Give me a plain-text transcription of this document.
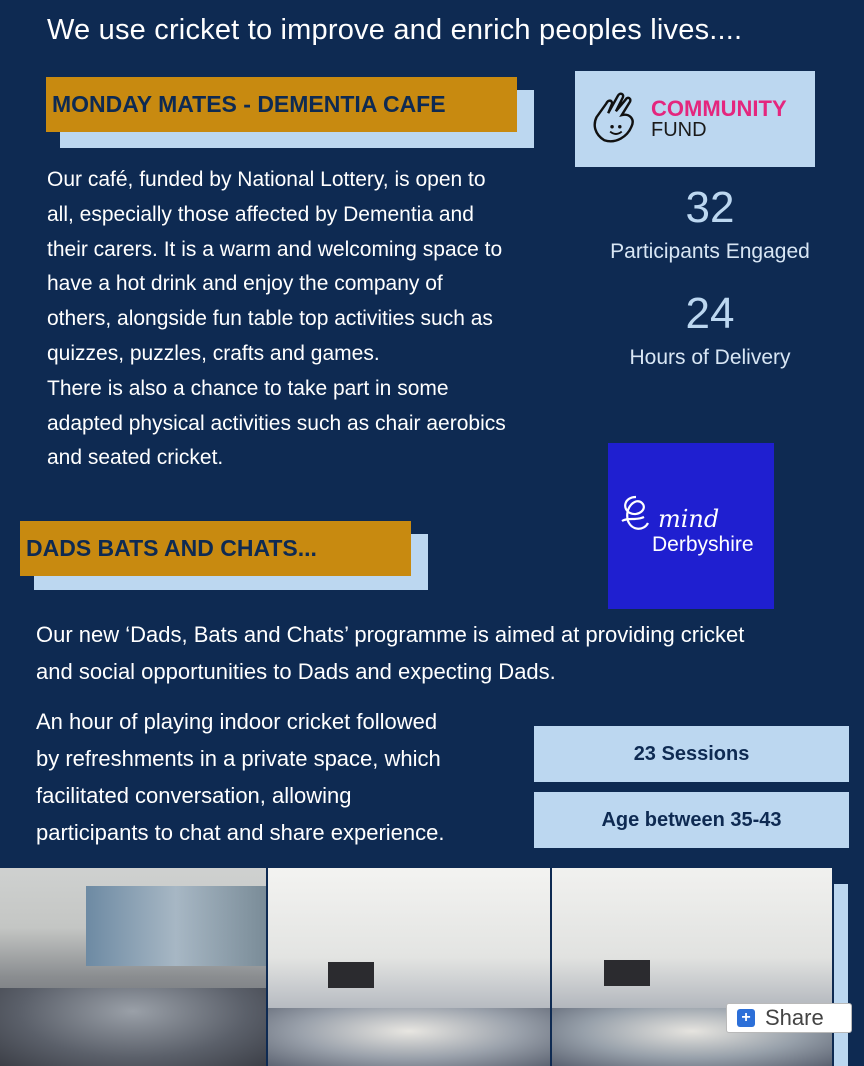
We use cricket to improve and enrich peoples lives....
MONDAY MATES - DEMENTIA CAFE
Our café, funded by National Lottery, is open to
all, especially those affected by Dementia and
their carers. It is a warm and welcoming space to
have a hot drink and enjoy the company of
others, alongside fun table top activities such as
quizzes, puzzles, crafts and games.
There is also a chance to take part in some
adapted physical activities such as chair aerobics
and seated cricket.
COMMUNITY
FUND
32
Participants Engaged
24
Hours of Delivery
mind
Derbyshire
DADS BATS AND CHATS...
Our new ‘Dads, Bats and Chats’ programme is aimed at providing cricket
and social opportunities to Dads and expecting Dads.
An hour of playing indoor cricket followed
by refreshments in a private space, which
facilitated conversation, allowing
participants to chat and share experience.
23 Sessions
Age between 35-43
+ Share
